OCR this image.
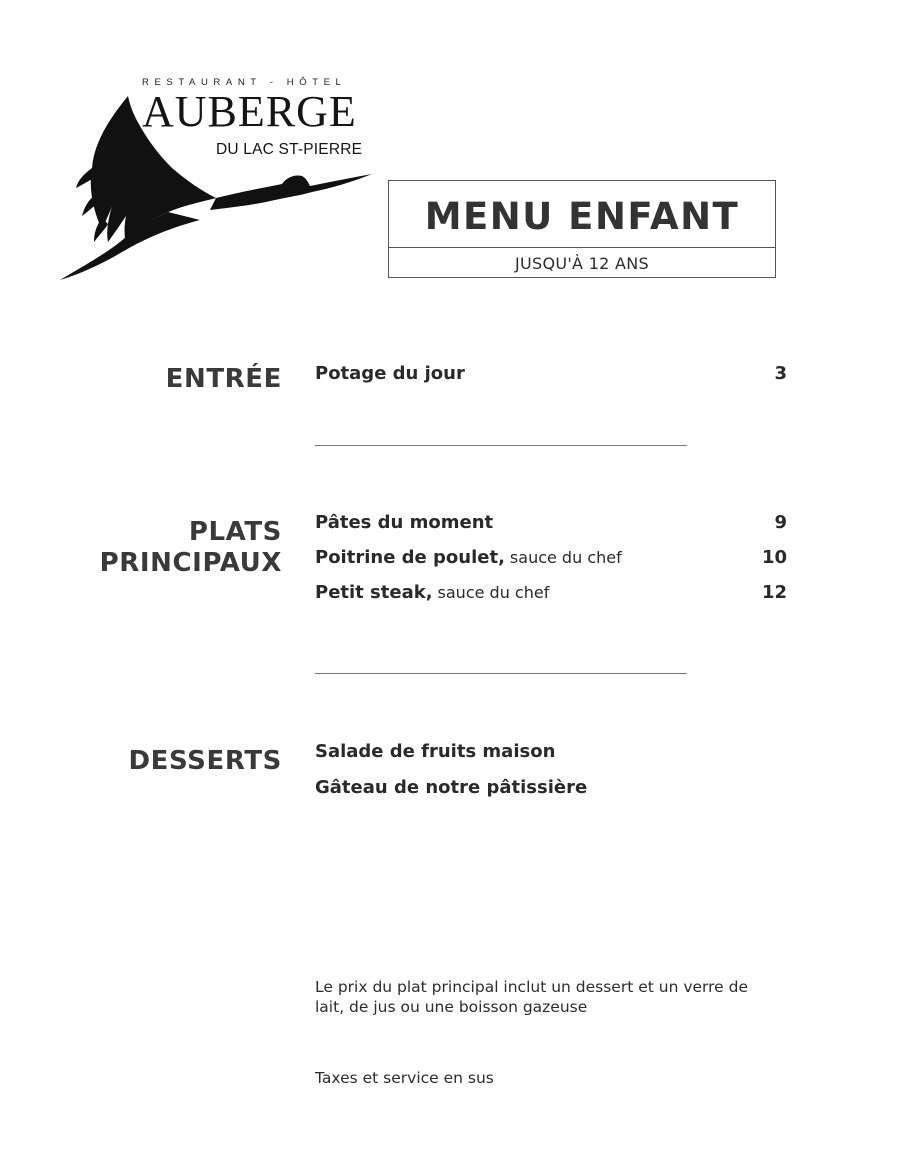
RESTAURANT - HÔTEL
AUBERGE
DU LAC ST-PIERRE
MENU ENFANT
JUSQU'À 12 ANS
ENTRÉE Potage du jour	3
PLATS
PRINCIPAUX
Pâtes du moment	9
Poitrine de poulet, sauce du chef	10
Petit steak, sauce du chef	12
DESSERTS Salade de fruits maison
Gâteau de notre pâtissière
Le prix du plat principal inclut un dessert et un verre de lait, de jus ou une boisson gazeuse
Taxes et service en sus
